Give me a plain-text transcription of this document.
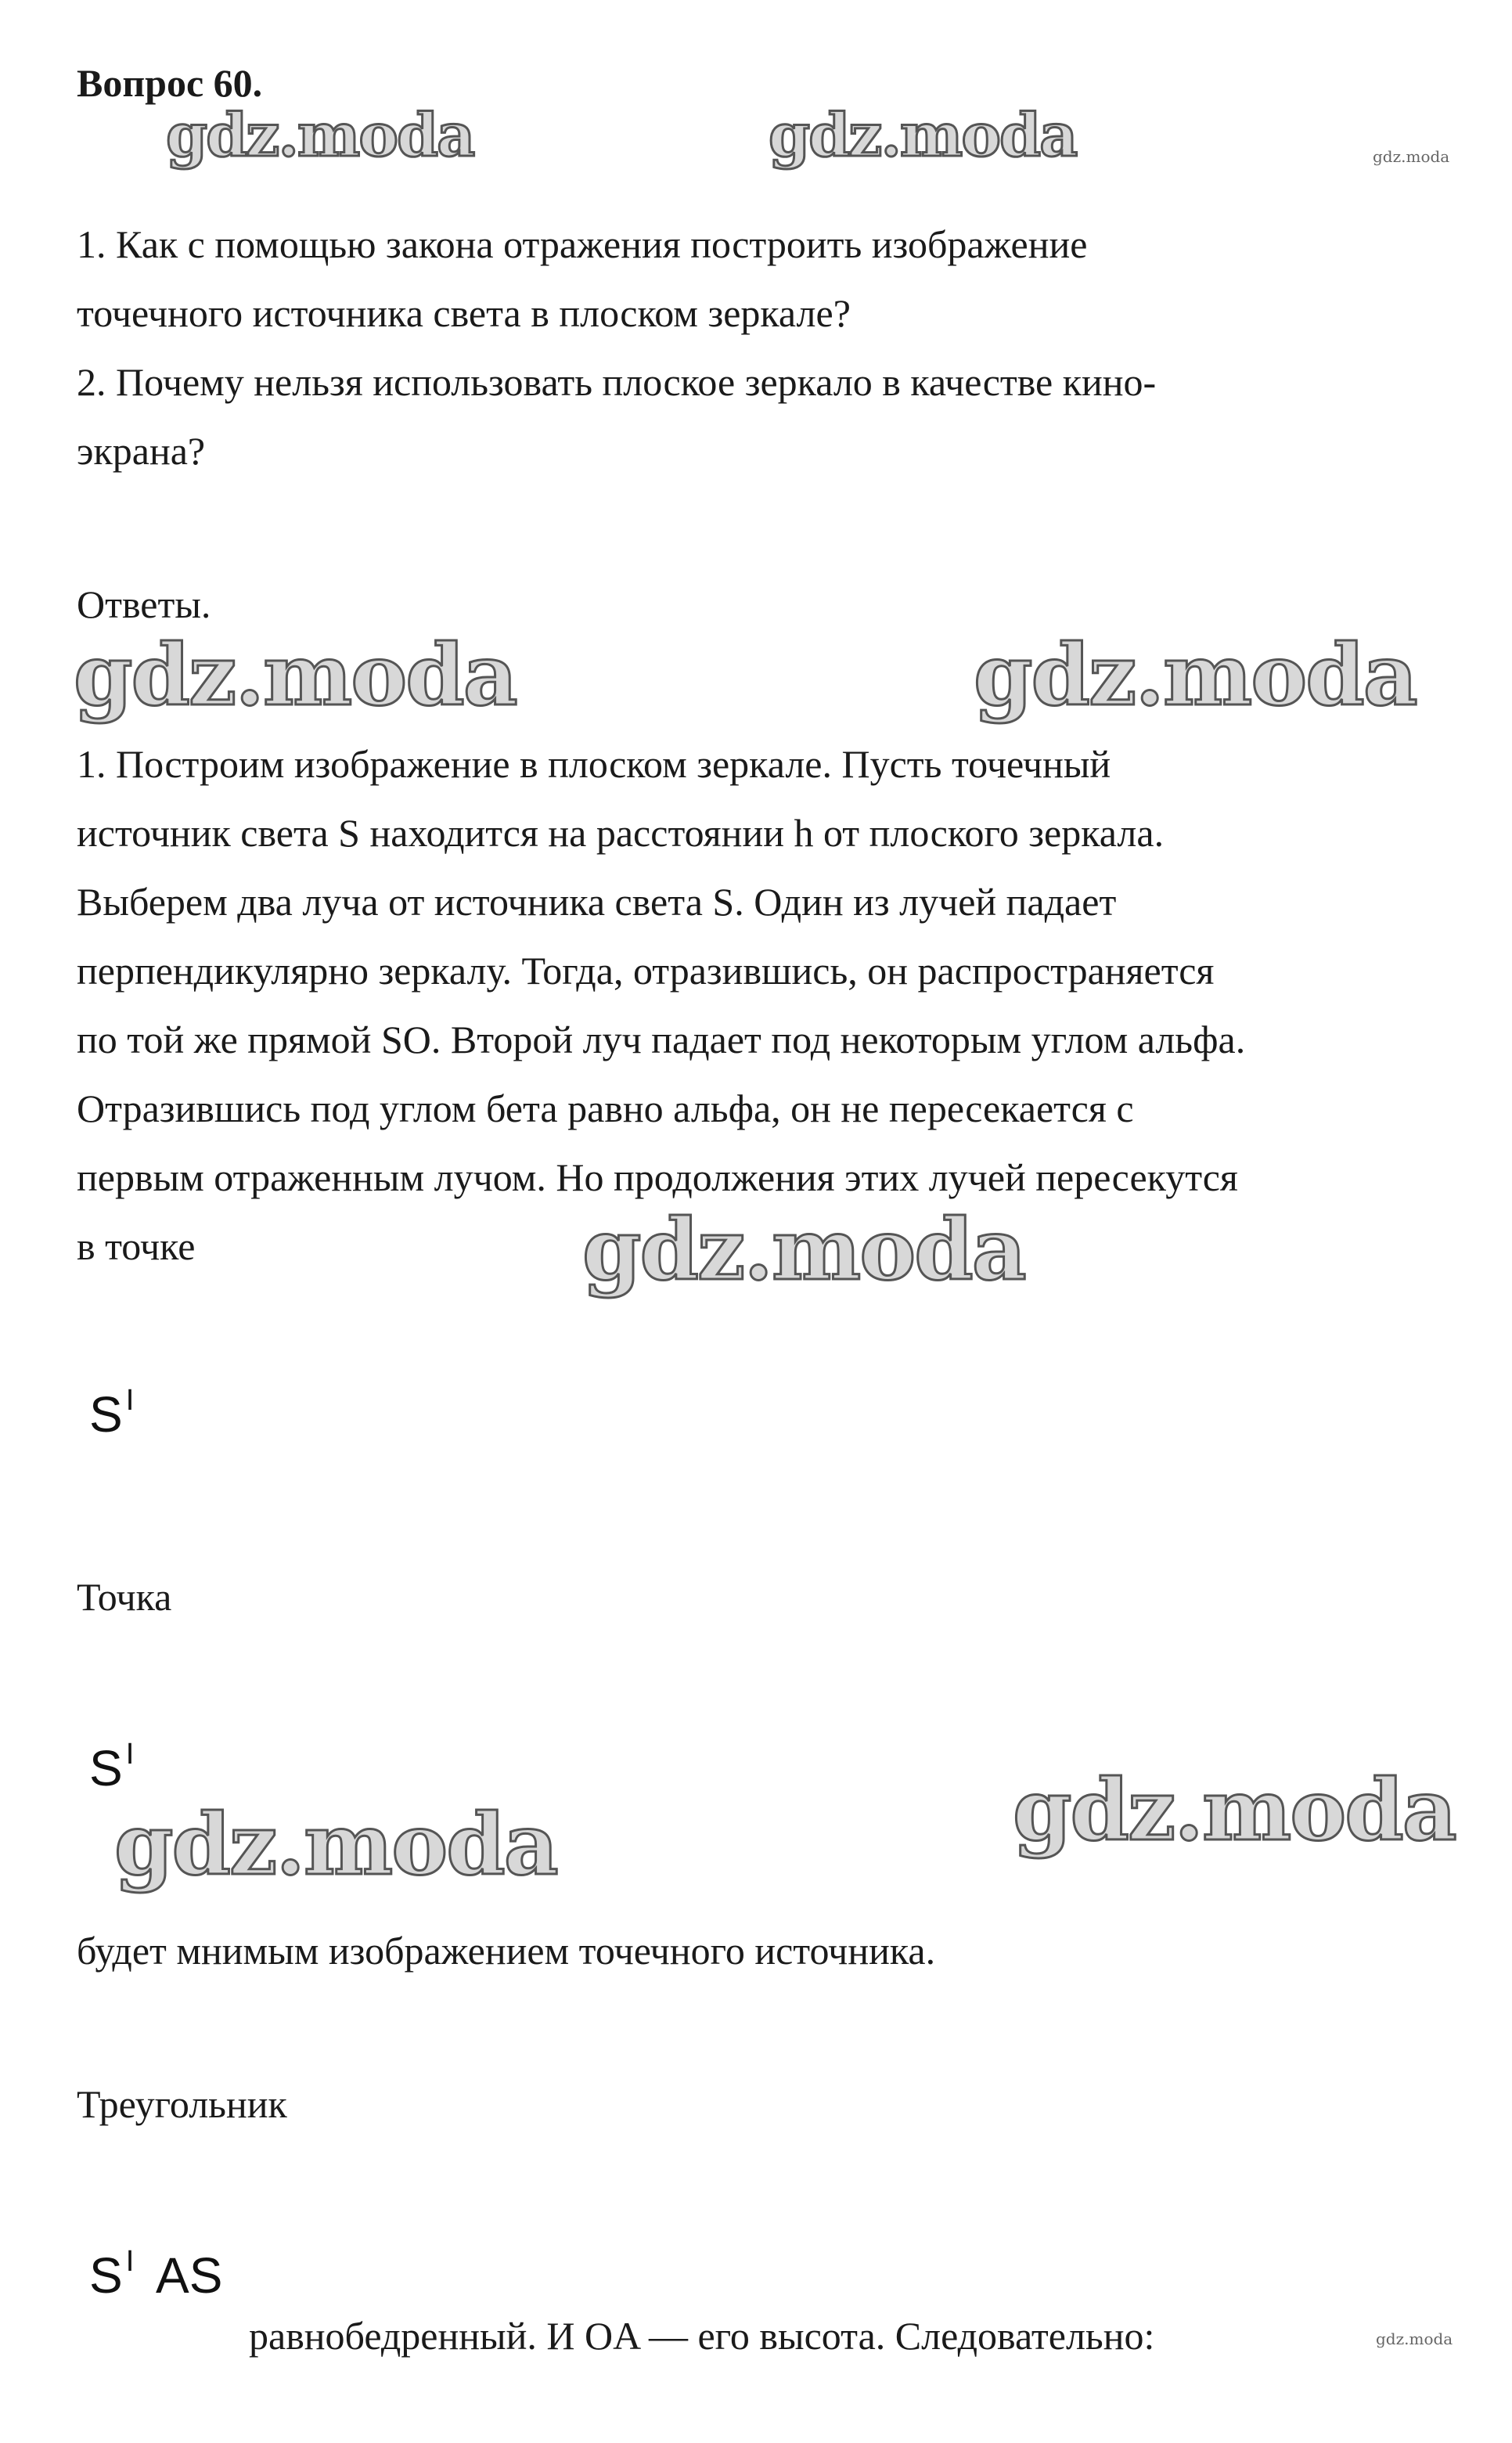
Вопрос 60.

1. Как с помощью закона отражения построить изображение

точечного источника света в плоском зеркале?

2. Почему нельзя использовать плоское зеркало в качестве кино-

экрана?

Ответы.

1. Построим изображение в плоском зеркале. Пусть точечный

источник света S находится на расстоянии h от плоского зеркала.

Выберем два луча от источника света S. Один из лучей падает

перпендикулярно зеркалу. Тогда, отразившись, он распространяется

по той же прямой SO. Второй луч падает под некоторым углом альфа.

Отразившись под углом бета равно альфа, он не пересекается с

первым отраженным лучом. Но продолжения этих лучей пересекутся

в точке

S $^I$

Точка

S $^I$

будет мнимым изображением точечного источника.

Треугольник

S $^I$ AS

равнобедренный. И OA — его высота. Следовательно:

gdz.moda	gdz.moda	gdz.moda
gdz.moda	gdz.moda
gdz.moda
gdz.moda	gdz.moda
gdz.moda
